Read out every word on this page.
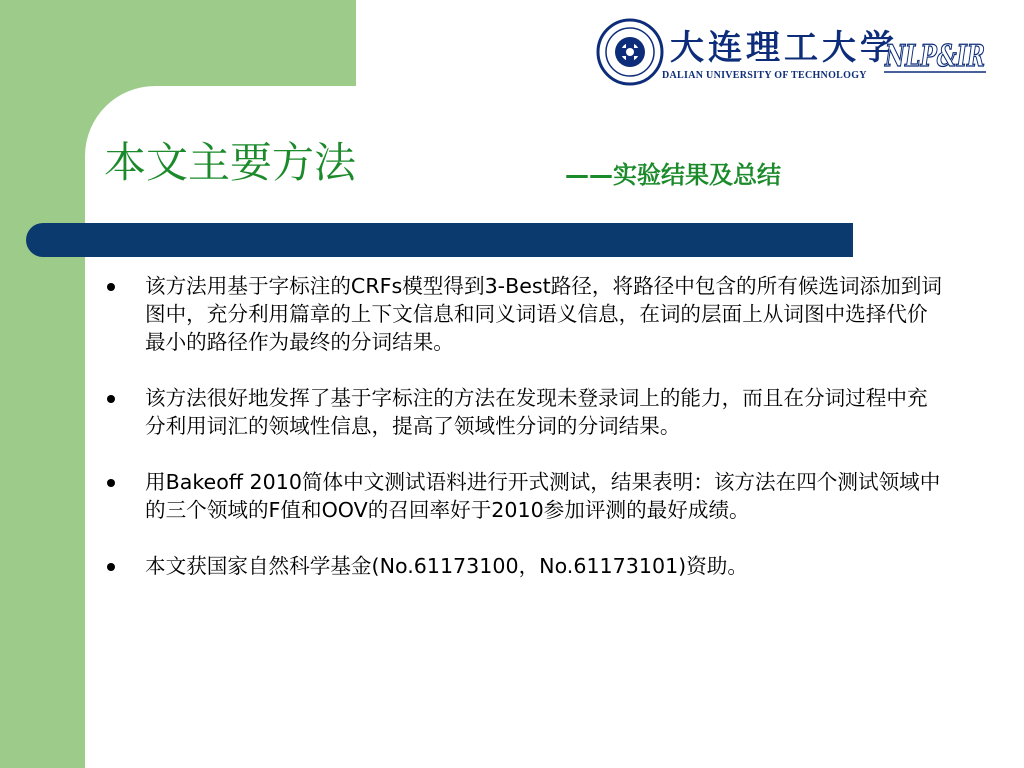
大连理工大学
DALIAN UNIVERSITY OF TECHNOLOGY
NLP&IR
本文主要方法	——实验结果及总结
该方法用基于字标注的CRFs模型得到3-Best路径，将路径中包含的所有候选词添加到词图中，充分利用篇章的上下文信息和同义词语义信息，在词的层面上从词图中选择代价最小的路径作为最终的分词结果。
该方法很好地发挥了基于字标注的方法在发现未登录词上的能力，而且在分词过程中充分利用词汇的领域性信息，提高了领域性分词的分词结果。
用Bakeoff 2010简体中文测试语料进行开式测试，结果表明：该方法在四个测试领域中的三个领域的F值和OOV的召回率好于2010参加评测的最好成绩。
本文获国家自然科学基金(No.61173100，No.61173101)资助。
